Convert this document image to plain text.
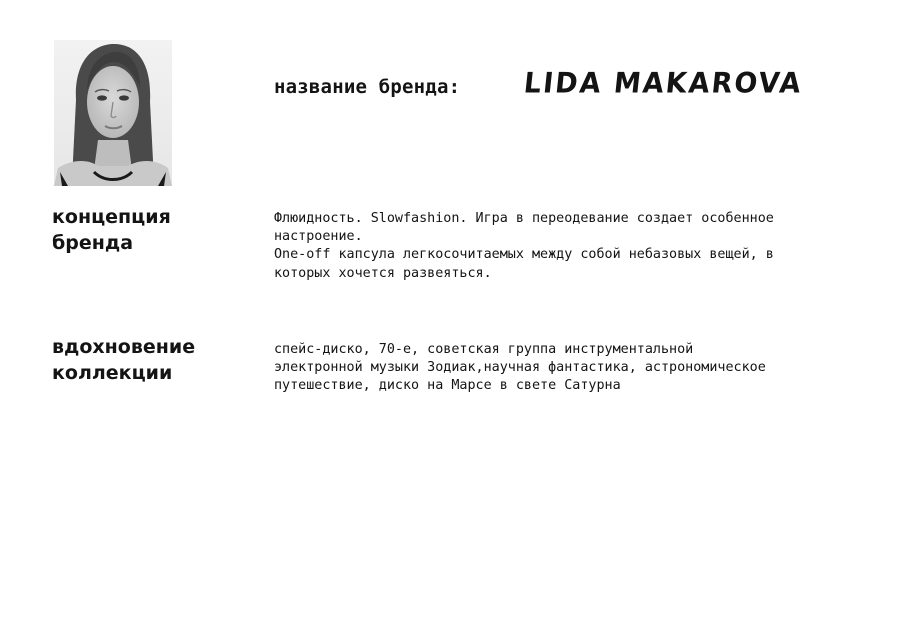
название бренда: LIDA MAKAROVA
концепция
бренда
Флюидность. Slowfashion. Игра в переодевание создает особенное
настроение.
One-off капсула легкосочитаемых между собой небазовых вещей, в
которых хочется развеяться.
вдохновение
коллекции
спейс-диско, 70-е, советская группа инструментальной
электронной музыки Зодиак,научная фантастика, астрономическое
путешествие, диско на Марсе в свете Сатурна
